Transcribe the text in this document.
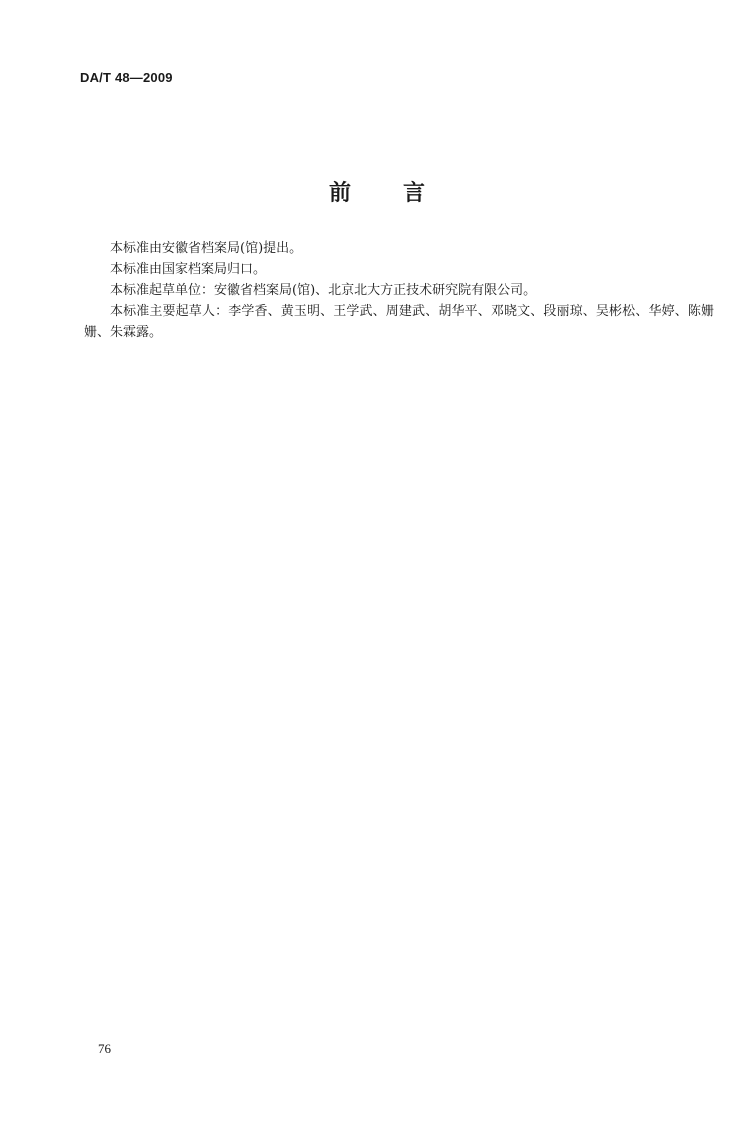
DA/T 48—2009
前 言

本标准由安徽省档案局(馆)提出。

本标准由国家档案局归口。

本标准起草单位：安徽省档案局(馆)、北京北大方正技术研究院有限公司。

本标准主要起草人：李学香、黄玉明、王学武、周建武、胡华平、邓晓文、段丽琼、吴彬松、华婷、陈姗姗、朱霖露。

76
